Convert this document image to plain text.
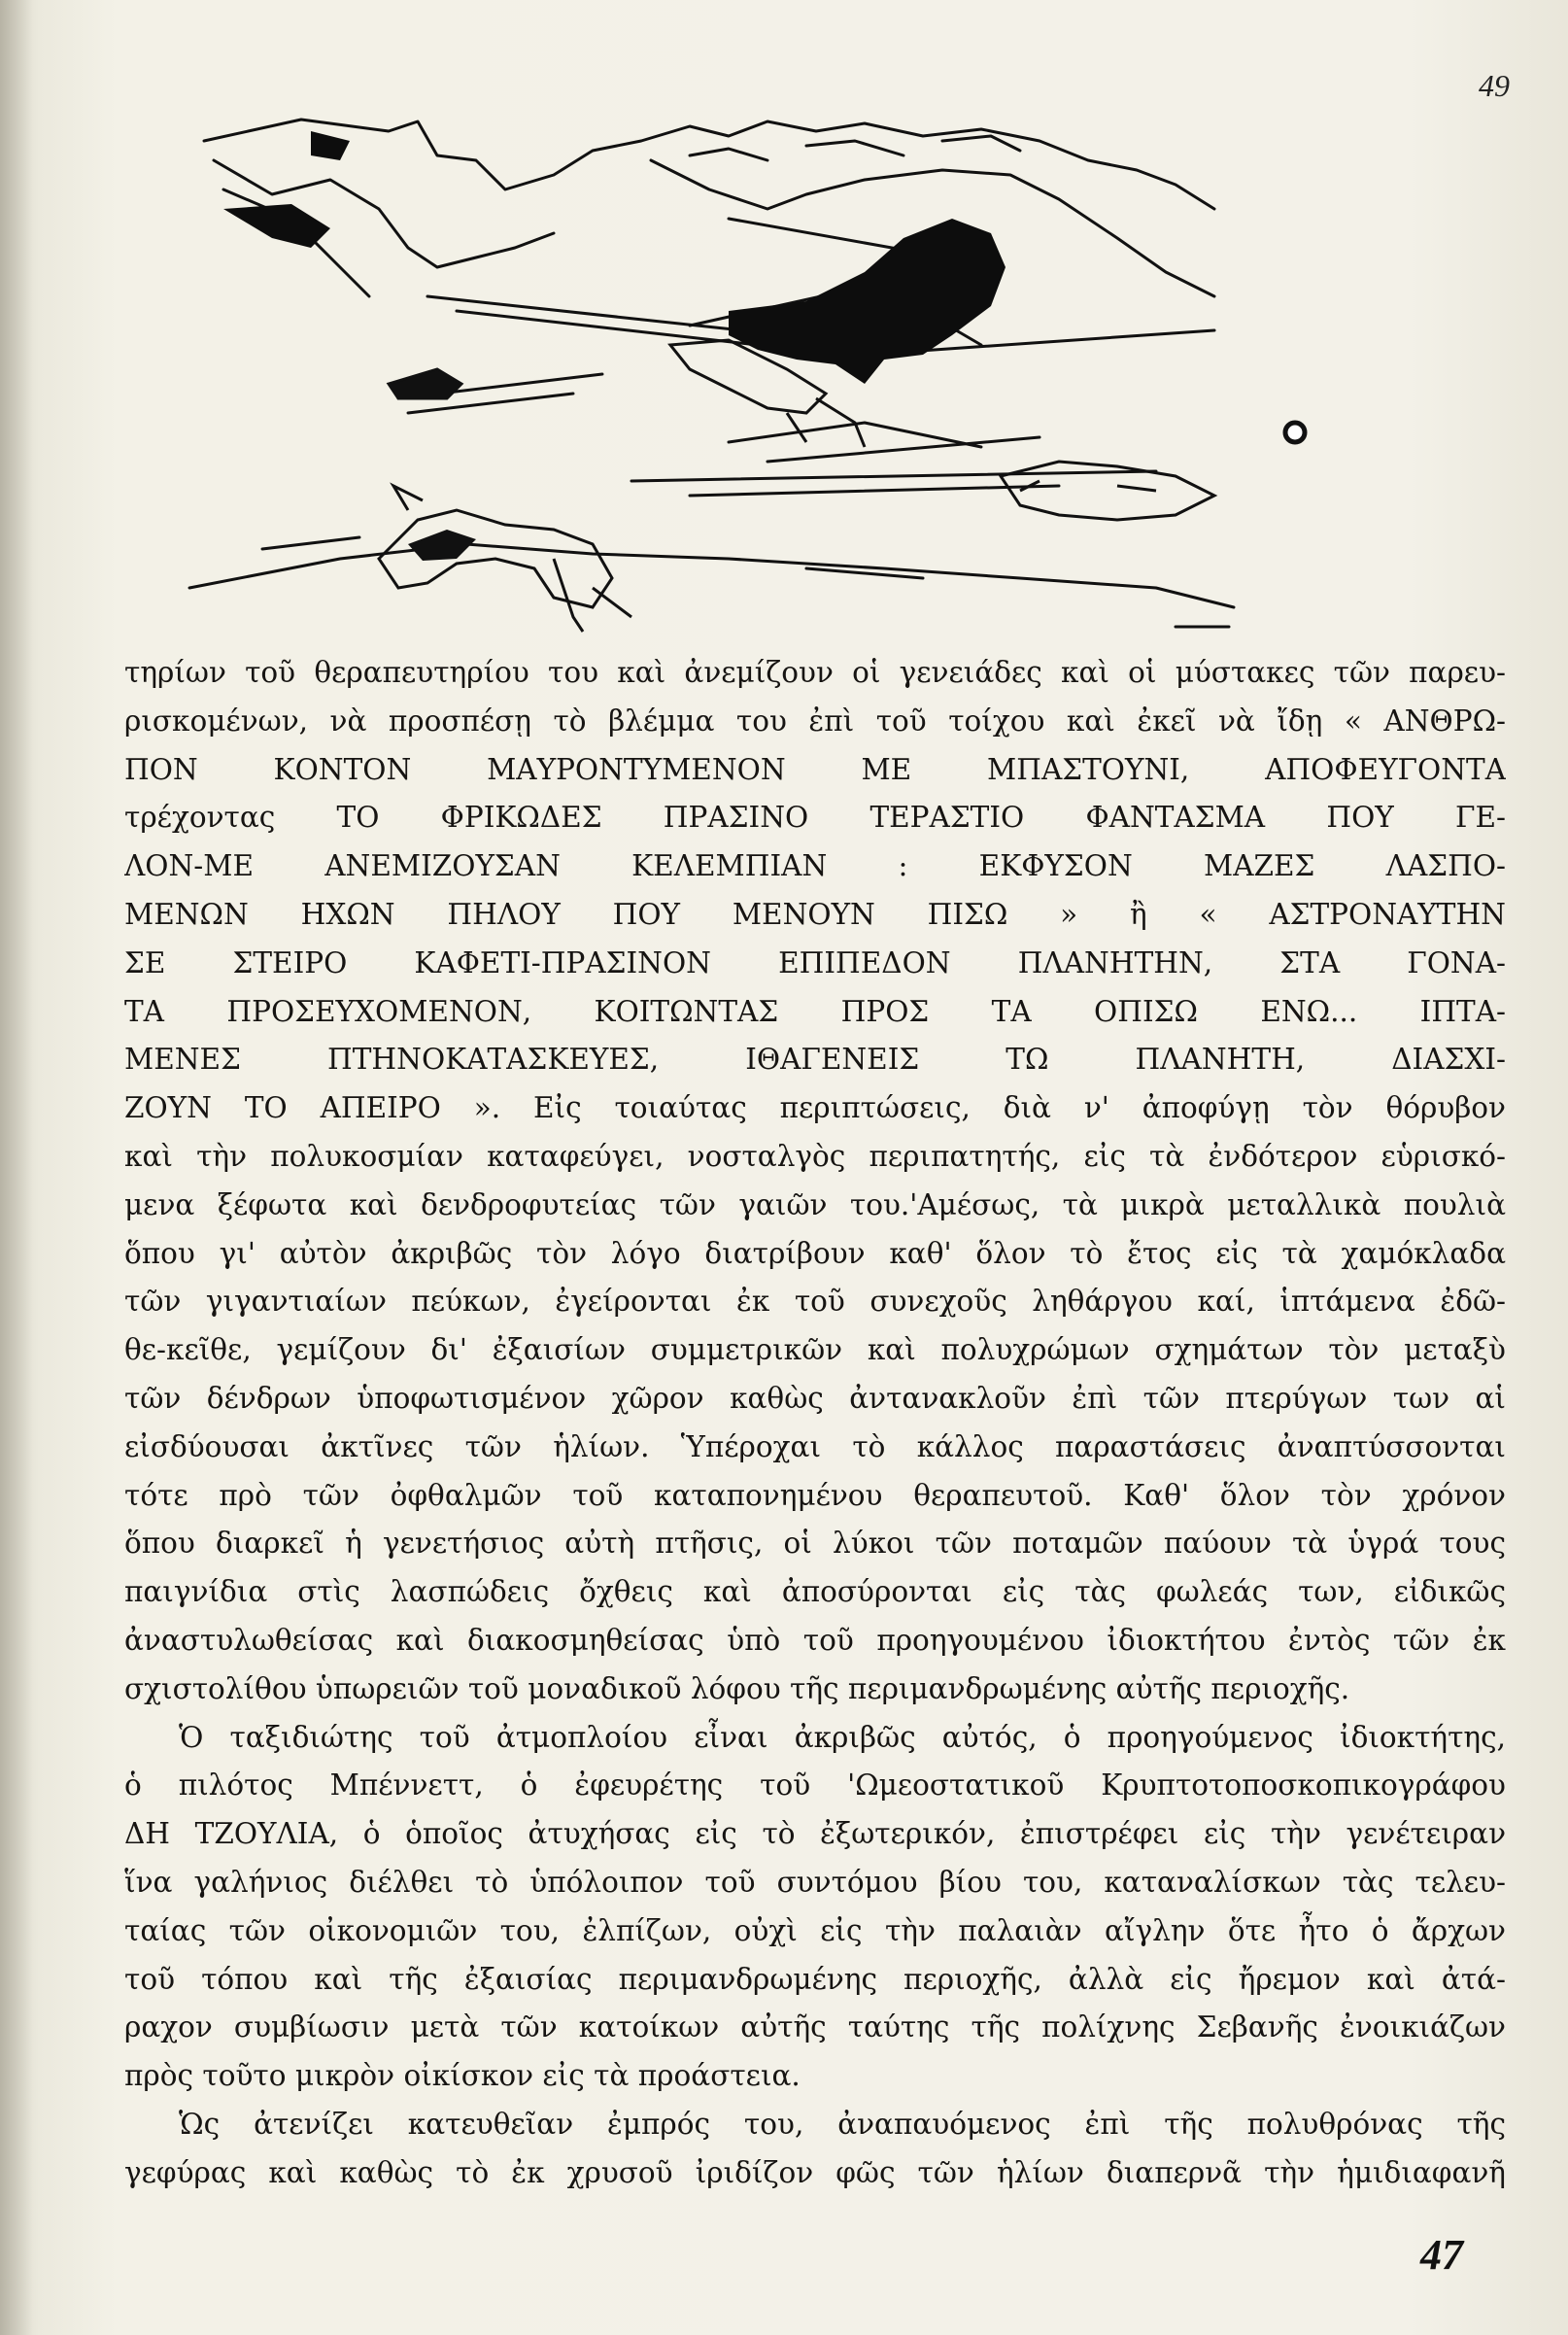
49
τηρίων τοῦ θεραπευτηρίου του καὶ ἀνεμίζουν οἱ γενειάδες καὶ οἱ μύστακες τῶν παρευ-
ρισκομένων, νὰ προσπέσῃ τὸ βλέμμα του ἐπὶ τοῦ τοίχου καὶ ἐκεῖ νὰ ἴδῃ « ΑΝΘΡΩ-
ΠΟΝ ΚΟΝΤΟΝ ΜΑΥΡΟΝΤΥΜΕΝΟΝ ΜΕ ΜΠΑΣΤΟΥΝΙ, ΑΠΟΦΕΥΓΟΝΤΑ
τρέχοντας ΤΟ ΦΡΙΚΩΔΕΣ ΠΡΑΣΙΝΟ ΤΕΡΑΣΤΙΟ ΦΑΝΤΑΣΜΑ ΠΟΥ ΓΕ-
ΛΟΝ-ΜΕ ΑΝΕΜΙΖΟΥΣΑΝ ΚΕΛΕΜΠΙΑΝ : ΕΚΦΥΣΟΝ ΜΑΖΕΣ ΛΑΣΠΟ-
ΜΕΝΩΝ ΗΧΩΝ ΠΗΛΟΥ ΠΟΥ ΜΕΝΟΥΝ ΠΙΣΩ » ἢ « ΑΣΤΡΟΝΑΥΤΗΝ
ΣΕ ΣΤΕΙΡΟ ΚΑΦΕΤΙ-ΠΡΑΣΙΝΟΝ ΕΠΙΠΕΔΟΝ ΠΛΑΝΗΤΗΝ, ΣΤΑ ΓΟΝΑ-
ΤΑ ΠΡΟΣΕΥΧΟΜΕΝΟΝ, ΚΟΙΤΩΝΤΑΣ ΠΡΟΣ ΤΑ ΟΠΙΣΩ ΕΝΩ... ΙΠΤΑ-
ΜΕΝΕΣ ΠΤΗΝΟΚΑΤΑΣΚΕΥΕΣ, ΙΘΑΓΕΝΕΙΣ ΤΩ ΠΛΑΝΗΤΗ, ΔΙΑΣΧΙ-
ΖΟΥΝ ΤΟ ΑΠΕΙΡΟ ». Εἰς τοιαύτας περιπτώσεις, διὰ ν' ἀποφύγῃ τὸν θόρυβον
καὶ τὴν πολυκοσμίαν καταφεύγει, νοσταλγὸς περιπατητής, εἰς τὰ ἐνδότερον εὑρισκό-
μενα ξέφωτα καὶ δενδροφυτείας τῶν γαιῶν του.'Αμέσως, τὰ μικρὰ μεταλλικὰ πουλιὰ
ὅπου γι' αὐτὸν ἀκριβῶς τὸν λόγο διατρίβουν καθ' ὅλον τὸ ἔτος εἰς τὰ χαμόκλαδα
τῶν γιγαντιαίων πεύκων, ἐγείρονται ἐκ τοῦ συνεχοῦς ληθάργου καί, ἱπτάμενα ἐδῶ-
θε-κεῖθε, γεμίζουν δι' ἐξαισίων συμμετρικῶν καὶ πολυχρώμων σχημάτων τὸν μεταξὺ
τῶν δένδρων ὑποφωτισμένον χῶρον καθὼς ἀντανακλοῦν ἐπὶ τῶν πτερύγων των αἱ
εἰσδύουσαι ἀκτῖνες τῶν ἡλίων. Ὑπέροχαι τὸ κάλλος παραστάσεις ἀναπτύσσονται
τότε πρὸ τῶν ὀφθαλμῶν τοῦ καταπονημένου θεραπευτοῦ. Καθ' ὅλον τὸν χρόνον
ὅπου διαρκεῖ ἡ γενετήσιος αὐτὴ πτῆσις, οἱ λύκοι τῶν ποταμῶν παύουν τὰ ὑγρά τους
παιγνίδια στὶς λασπώδεις ὄχθεις καὶ ἀποσύρονται εἰς τὰς φωλεάς των, εἰδικῶς
ἀναστυλωθείσας καὶ διακοσμηθείσας ὑπὸ τοῦ προηγουμένου ἰδιοκτήτου ἐντὸς τῶν ἐκ
σχιστολίθου ὑπωρειῶν τοῦ μοναδικοῦ λόφου τῆς περιμανδρωμένης αὐτῆς περιοχῆς.
Ὁ ταξιδιώτης τοῦ ἀτμοπλοίου εἶναι ἀκριβῶς αὐτός, ὁ προηγούμενος ἰδιοκτήτης,
ὁ πιλότος Μπέννεττ, ὁ ἐφευρέτης τοῦ 'Ωμεοστατικοῦ Κρυπτοτοποσκοπικογράφου
ΔΗ ΤΖΟΥΛΙΑ, ὁ ὁποῖος ἀτυχήσας εἰς τὸ ἐξωτερικόν, ἐπιστρέφει εἰς τὴν γενέτειραν
ἵνα γαλήνιος διέλθει τὸ ὑπόλοιπον τοῦ συντόμου βίου του, καταναλίσκων τὰς τελευ-
ταίας τῶν οἰκονομιῶν του, ἐλπίζων, οὐχὶ εἰς τὴν παλαιὰν αἴγλην ὅτε ἦτο ὁ ἄρχων
τοῦ τόπου καὶ τῆς ἐξαισίας περιμανδρωμένης περιοχῆς, ἀλλὰ εἰς ἤρεμον καὶ ἀτά-
ραχον συμβίωσιν μετὰ τῶν κατοίκων αὐτῆς ταύτης τῆς πολίχνης Σεβανῆς ἐνοικιάζων
πρὸς τοῦτο μικρὸν οἰκίσκον εἰς τὰ προάστεια.
Ὡς ἀτενίζει κατευθεῖαν ἐμπρός του, ἀναπαυόμενος ἐπὶ τῆς πολυθρόνας τῆς
γεφύρας καὶ καθὼς τὸ ἐκ χρυσοῦ ἰριδίζον φῶς τῶν ἡλίων διαπερνᾶ τὴν ἡμιδιαφανῆ
47
